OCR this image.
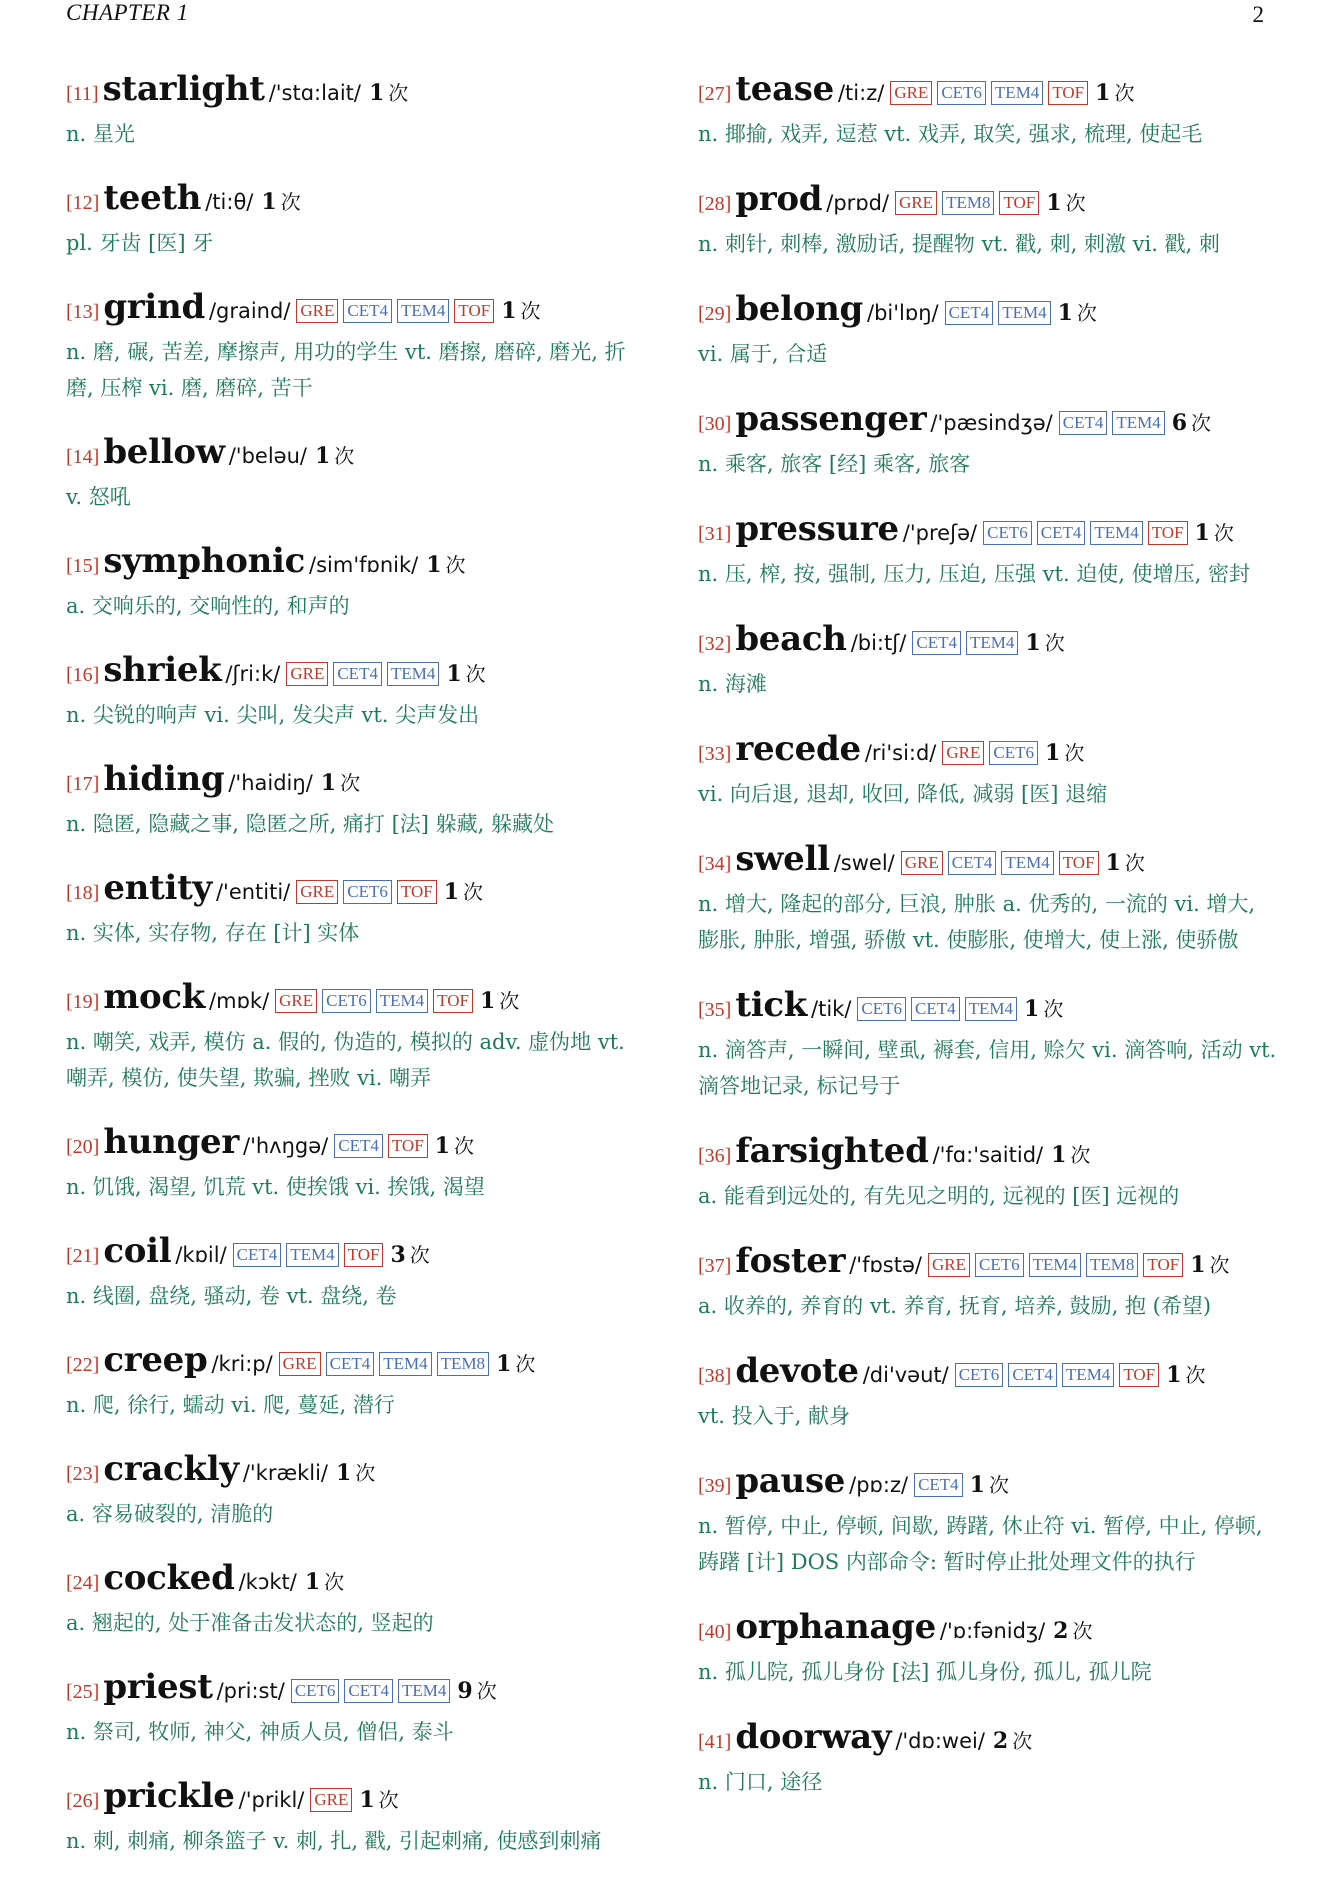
CHAPTER 1	2
[11] starlight /'stɑ:lait/ 1 次
n. 星光
[12] teeth /ti:θ/ 1 次
pl. 牙齿 [医] 牙
[13] grind /graind/ GRE CET4 TEM4 TOF 1 次
n. 磨, 碾, 苦差, 摩擦声, 用功的学生 vt. 磨擦, 磨碎, 磨光, 折磨, 压榨 vi. 磨, 磨碎, 苦干
[14] bellow /'beləu/ 1 次
v. 怒吼
[15] symphonic /sim'fɒnik/ 1 次
a. 交响乐的, 交响性的, 和声的
[16] shriek /ʃri:k/ GRE CET4 TEM4 1 次
n. 尖锐的响声 vi. 尖叫, 发尖声 vt. 尖声发出
[17] hiding /'haidiŋ/ 1 次
n. 隐匿, 隐藏之事, 隐匿之所, 痛打 [法] 躲藏, 躲藏处
[18] entity /'entiti/ GRE CET6 TOF 1 次
n. 实体, 实存物, 存在 [计] 实体
[19] mock /mɒk/ GRE CET6 TEM4 TOF 1 次
n. 嘲笑, 戏弄, 模仿 a. 假的, 伪造的, 模拟的 adv. 虚伪地 vt. 嘲弄, 模仿, 使失望, 欺骗, 挫败 vi. 嘲弄
[20] hunger /'hʌŋgə/ CET4 TOF 1 次
n. 饥饿, 渴望, 饥荒 vt. 使挨饿 vi. 挨饿, 渴望
[21] coil /kɒil/ CET4 TEM4 TOF 3 次
n. 线圈, 盘绕, 骚动, 卷 vt. 盘绕, 卷
[22] creep /kri:p/ GRE CET4 TEM4 TEM8 1 次
n. 爬, 徐行, 蠕动 vi. 爬, 蔓延, 潜行
[23] crackly /'krækli/ 1 次
a. 容易破裂的, 清脆的
[24] cocked /kɔkt/ 1 次
a. 翘起的, 处于准备击发状态的, 竖起的
[25] priest /pri:st/ CET6 CET4 TEM4 9 次
n. 祭司, 牧师, 神父, 神质人员, 僧侣, 泰斗
[26] prickle /'prikl/ GRE 1 次
n. 刺, 刺痛, 柳条篮子 v. 刺, 扎, 戳, 引起刺痛, 使感到刺痛
[27] tease /ti:z/ GRE CET6 TEM4 TOF 1 次
n. 揶揄, 戏弄, 逗惹 vt. 戏弄, 取笑, 强求, 梳理, 使起毛
[28] prod /prɒd/ GRE TEM8 TOF 1 次
n. 刺针, 刺棒, 激励话, 提醒物 vt. 戳, 刺, 刺激 vi. 戳, 刺
[29] belong /bi'lɒŋ/ CET4 TEM4 1 次
vi. 属于, 合适
[30] passenger /'pæsindʒə/ CET4 TEM4 6 次
n. 乘客, 旅客 [经] 乘客, 旅客
[31] pressure /'preʃə/ CET6 CET4 TEM4 TOF 1 次
n. 压, 榨, 按, 强制, 压力, 压迫, 压强 vt. 迫使, 使增压, 密封
[32] beach /bi:tʃ/ CET4 TEM4 1 次
n. 海滩
[33] recede /ri'si:d/ GRE CET6 1 次
vi. 向后退, 退却, 收回, 降低, 减弱 [医] 退缩
[34] swell /swel/ GRE CET4 TEM4 TOF 1 次
n. 增大, 隆起的部分, 巨浪, 肿胀 a. 优秀的, 一流的 vi. 增大, 膨胀, 肿胀, 增强, 骄傲 vt. 使膨胀, 使增大, 使上涨, 使骄傲
[35] tick /tik/ CET6 CET4 TEM4 1 次
n. 滴答声, 一瞬间, 壁虱, 褥套, 信用, 赊欠 vi. 滴答响, 活动 vt. 滴答地记录, 标记号于
[36] farsighted /'fɑ:'saitid/ 1 次
a. 能看到远处的, 有先见之明的, 远视的 [医] 远视的
[37] foster /'fɒstə/ GRE CET6 TEM4 TEM8 TOF 1 次
a. 收养的, 养育的 vt. 养育, 抚育, 培养, 鼓励, 抱 (希望)
[38] devote /di'vəut/ CET6 CET4 TEM4 TOF 1 次
vt. 投入于, 献身
[39] pause /pɒ:z/ CET4 1 次
n. 暂停, 中止, 停顿, 间歇, 踌躇, 休止符 vi. 暂停, 中止, 停顿, 踌躇 [计] DOS 内部命令: 暂时停止批处理文件的执行
[40] orphanage /'ɒ:fənidʒ/ 2 次
n. 孤儿院, 孤儿身份 [法] 孤儿身份, 孤儿, 孤儿院
[41] doorway /'dɒ:wei/ 2 次
n. 门口, 途径
